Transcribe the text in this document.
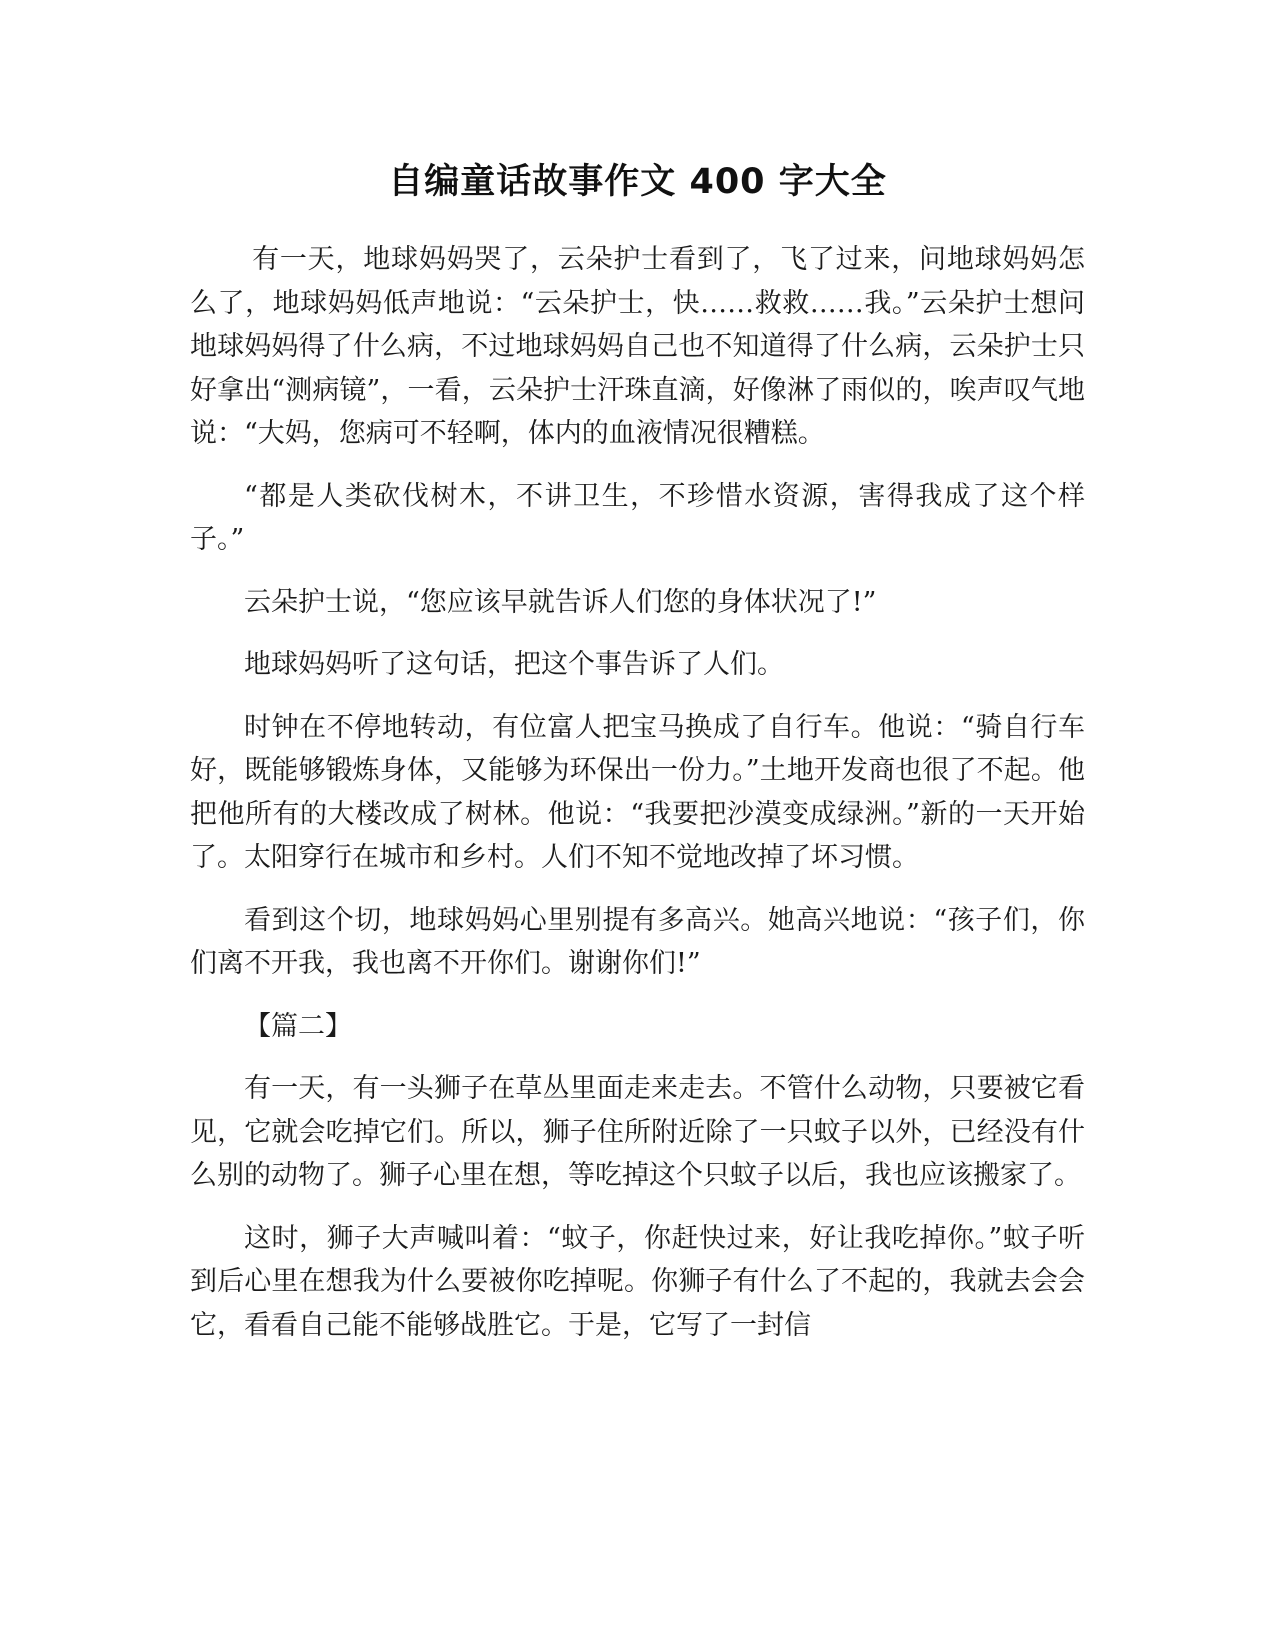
自编童话故事作文 400 字大全

有一天，地球妈妈哭了，云朵护士看到了，飞了过来，问地球妈妈怎么了，地球妈妈低声地说：“云朵护士，快……救救……我。”云朵护士想问地球妈妈得了什么病，不过地球妈妈自己也不知道得了什么病，云朵护士只好拿出“测病镜”，一看，云朵护士汗珠直滴，好像淋了雨似的，唉声叹气地说：“大妈，您病可不轻啊，体内的血液情况很糟糕。

“都是人类砍伐树木，不讲卫生，不珍惜水资源，害得我成了这个样子。”

云朵护士说，“您应该早就告诉人们您的身体状况了!”

地球妈妈听了这句话，把这个事告诉了人们。

时钟在不停地转动，有位富人把宝马换成了自行车。他说：“骑自行车好，既能够锻炼身体，又能够为环保出一份力。”土地开发商也很了不起。他把他所有的大楼改成了树林。他说：“我要把沙漠变成绿洲。”新的一天开始了。太阳穿行在城市和乡村。人们不知不觉地改掉了坏习惯。

看到这个切，地球妈妈心里别提有多高兴。她高兴地说：“孩子们，你们离不开我，我也离不开你们。谢谢你们!”

【篇二】

有一天，有一头狮子在草丛里面走来走去。不管什么动物，只要被它看见，它就会吃掉它们。所以，狮子住所附近除了一只蚊子以外，已经没有什么别的动物了。狮子心里在想，等吃掉这个只蚊子以后，我也应该搬家了。

这时，狮子大声喊叫着：“蚊子，你赶快过来，好让我吃掉你。”蚊子听到后心里在想我为什么要被你吃掉呢。你狮子有什么了不起的，我就去会会它，看看自己能不能够战胜它。于是，它写了一封信
